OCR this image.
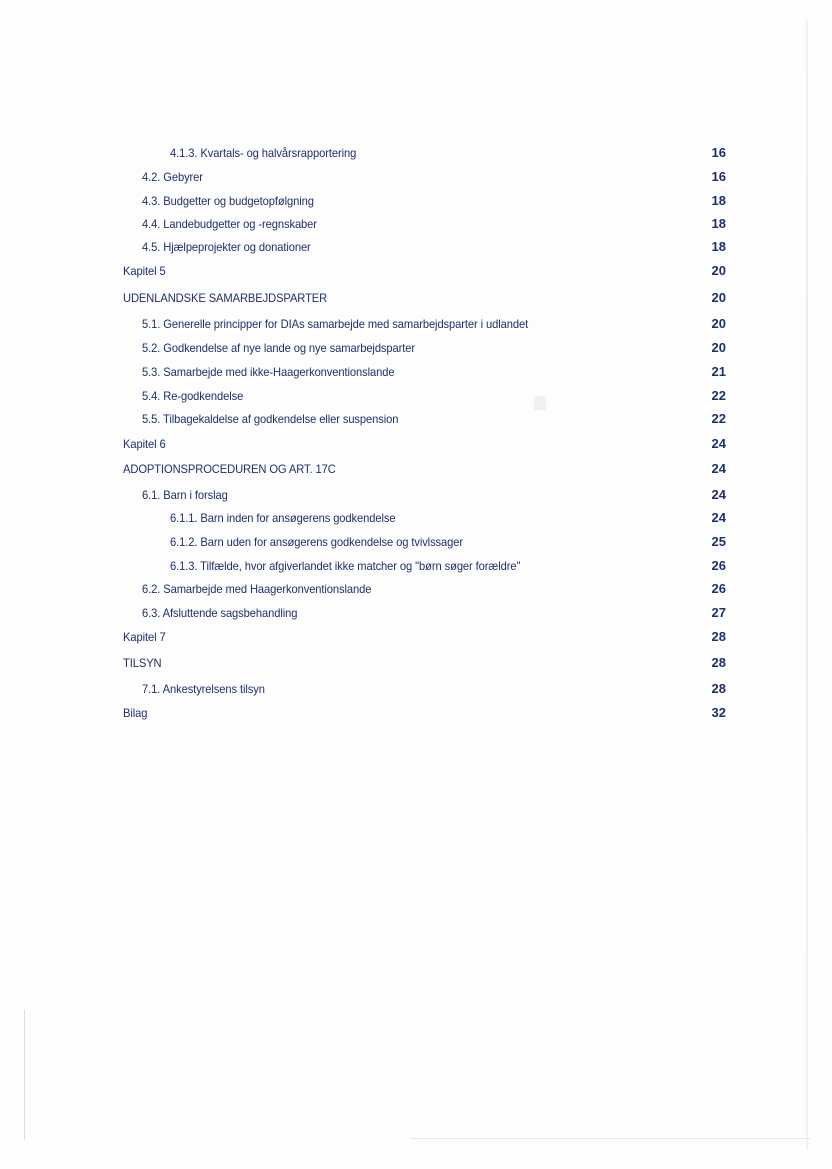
4.1.3. Kvartals- og halvårsrapportering	16
4.2. Gebyrer	16
4.3. Budgetter og budgetopfølgning	18
4.4. Landebudgetter og -regnskaber	18
4.5. Hjælpeprojekter og donationer	18
Kapitel 5	20
UDENLANDSKE SAMARBEJDSPARTER	20
5.1. Generelle principper for DIAs samarbejde med samarbejdsparter i udlandet	20
5.2. Godkendelse af nye lande og nye samarbejdsparter	20
5.3. Samarbejde med ikke-Haagerkonventionslande	21
5.4. Re-godkendelse	22
5.5. Tilbagekaldelse af godkendelse eller suspension	22
Kapitel 6	24
ADOPTIONSPROCEDUREN OG ART. 17C	24
6.1. Barn i forslag	24
6.1.1. Barn inden for ansøgerens godkendelse	24
6.1.2. Barn uden for ansøgerens godkendelse og tvivlssager	25
6.1.3. Tilfælde, hvor afgiverlandet ikke matcher og "børn søger forældre"	26
6.2. Samarbejde med Haagerkonventionslande	26
6.3. Afsluttende sagsbehandling	27
Kapitel 7	28
TILSYN	28
7.1. Ankestyrelsens tilsyn	28
Bilag	32
